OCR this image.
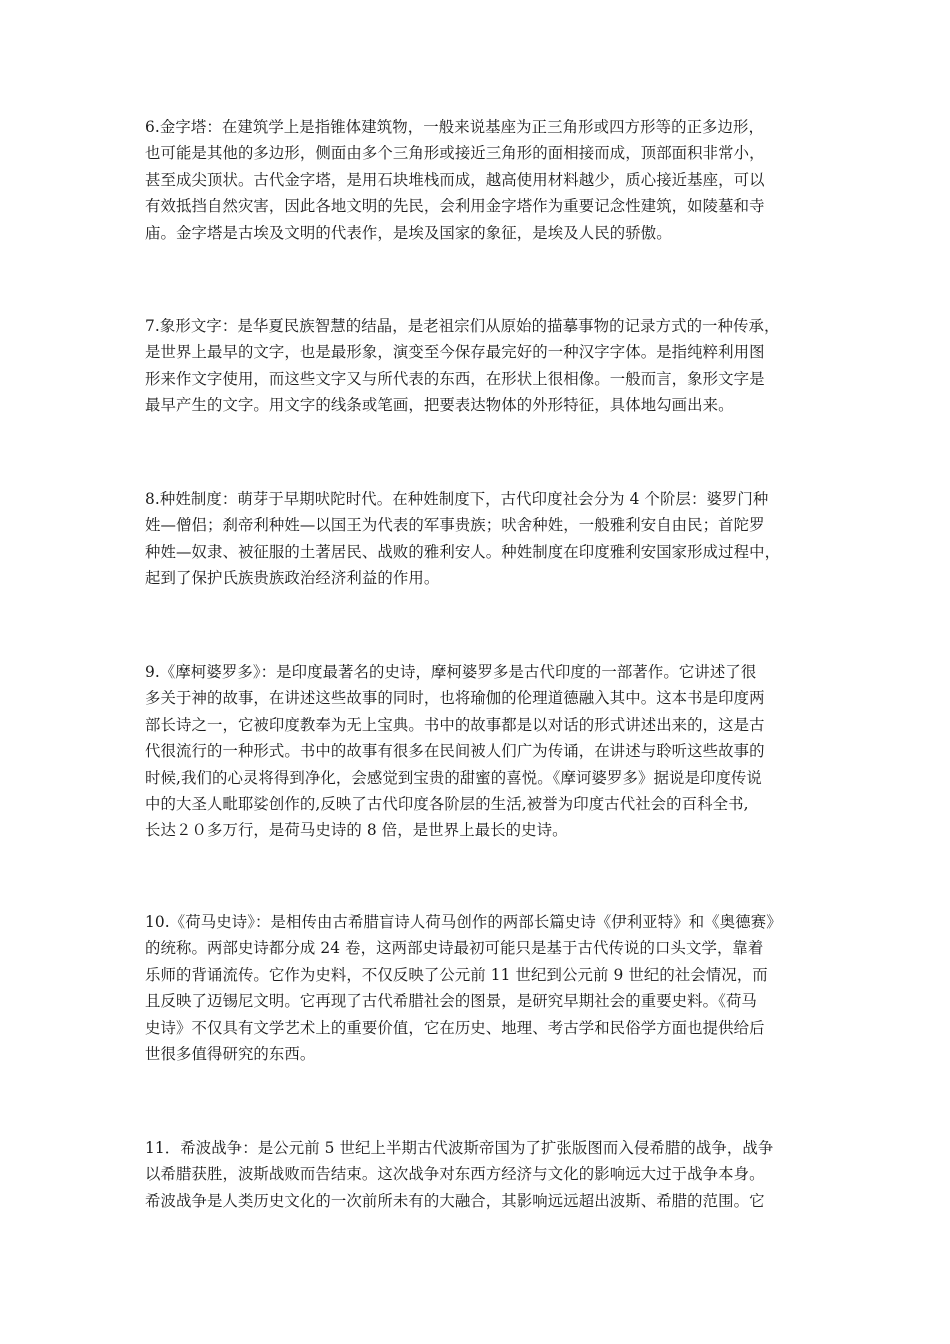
6.金字塔：在建筑学上是指锥体建筑物，一般来说基座为正三角形或四方形等的正多边形，
也可能是其他的多边形，侧面由多个三角形或接近三角形的面相接而成，顶部面积非常小，
甚至成尖顶状。古代金字塔，是用石块堆栈而成，越高使用材料越少，质心接近基座，可以
有效抵挡自然灾害，因此各地文明的先民，会利用金字塔作为重要记念性建筑，如陵墓和寺
庙。金字塔是古埃及文明的代表作，是埃及国家的象征，是埃及人民的骄傲。
7.象形文字：是华夏民族智慧的结晶，是老祖宗们从原始的描摹事物的记录方式的一种传承，
是世界上最早的文字，也是最形象，演变至今保存最完好的一种汉字字体。是指纯粹利用图
形来作文字使用，而这些文字又与所代表的东西，在形状上很相像。一般而言，象形文字是
最早产生的文字。用文字的线条或笔画，把要表达物体的外形特征，具体地勾画出来。
8.种姓制度：萌芽于早期吠陀时代。在种姓制度下，古代印度社会分为 4 个阶层：婆罗门种
姓—僧侣；刹帝利种姓—以国王为代表的军事贵族；吠舍种姓，一般雅利安自由民；首陀罗
种姓—奴隶、被征服的土著居民、战败的雅利安人。种姓制度在印度雅利安国家形成过程中，
起到了保护氏族贵族政治经济利益的作用。
9.《摩柯婆罗多》：是印度最著名的史诗，摩柯婆罗多是古代印度的一部著作。它讲述了很
多关于神的故事，在讲述这些故事的同时，也将瑜伽的伦理道德融入其中。这本书是印度两
部长诗之一，它被印度教奉为无上宝典。书中的故事都是以对话的形式讲述出来的，这是古
代很流行的一种形式。书中的故事有很多在民间被人们广为传诵，在讲述与聆听这些故事的
时候,我们的心灵将得到净化，会感觉到宝贵的甜蜜的喜悦。《摩诃婆罗多》据说是印度传说
中的大圣人毗耶娑创作的,反映了古代印度各阶层的生活,被誉为印度古代社会的百科全书,
长达２０多万行，是荷马史诗的 8 倍，是世界上最长的史诗。
10.《荷马史诗》：是相传由古希腊盲诗人荷马创作的两部长篇史诗《伊利亚特》和《奥德赛》
的统称。两部史诗都分成 24 卷，这两部史诗最初可能只是基于古代传说的口头文学，靠着
乐师的背诵流传。它作为史料，不仅反映了公元前 11 世纪到公元前 9 世纪的社会情况，而
且反映了迈锡尼文明。它再现了古代希腊社会的图景，是研究早期社会的重要史料。《荷马
史诗》不仅具有文学艺术上的重要价值，它在历史、地理、考古学和民俗学方面也提供给后
世很多值得研究的东西。
11．希波战争：是公元前 5 世纪上半期古代波斯帝国为了扩张版图而入侵希腊的战争，战争
以希腊获胜，波斯战败而告结束。这次战争对东西方经济与文化的影响远大过于战争本身。
希波战争是人类历史文化的一次前所未有的大融合，其影响远远超出波斯、希腊的范围。它
